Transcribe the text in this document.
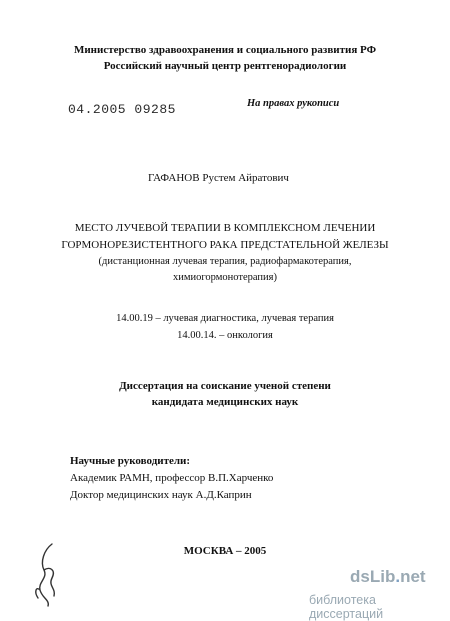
Министерство здравоохранения и социального развития РФ
Российский научный центр рентгенорадиологии
04.2005 09285	На правах рукописи
ГАФАНОВ Рустем Айратович
МЕСТО ЛУЧЕВОЙ ТЕРАПИИ В КОМПЛЕКСНОМ ЛЕЧЕНИИ
ГОРМОНОРЕЗИСТЕНТНОГО РАКА ПРЕДСТАТЕЛЬНОЙ ЖЕЛЕЗЫ
(дистанционная лучевая терапия, радиофармакотерапия,
химиогормонотерапия)
14.00.19 – лучевая диагностика, лучевая терапия
14.00.14. – онкология
Диссертация на соискание ученой степени
кандидата медицинских наук
Научные руководители:
Академик РАМН, профессор В.П.Харченко
Доктор медицинских наук А.Д.Каприн
МОСКВА – 2005
dsLib.net
библиотека диссертаций
